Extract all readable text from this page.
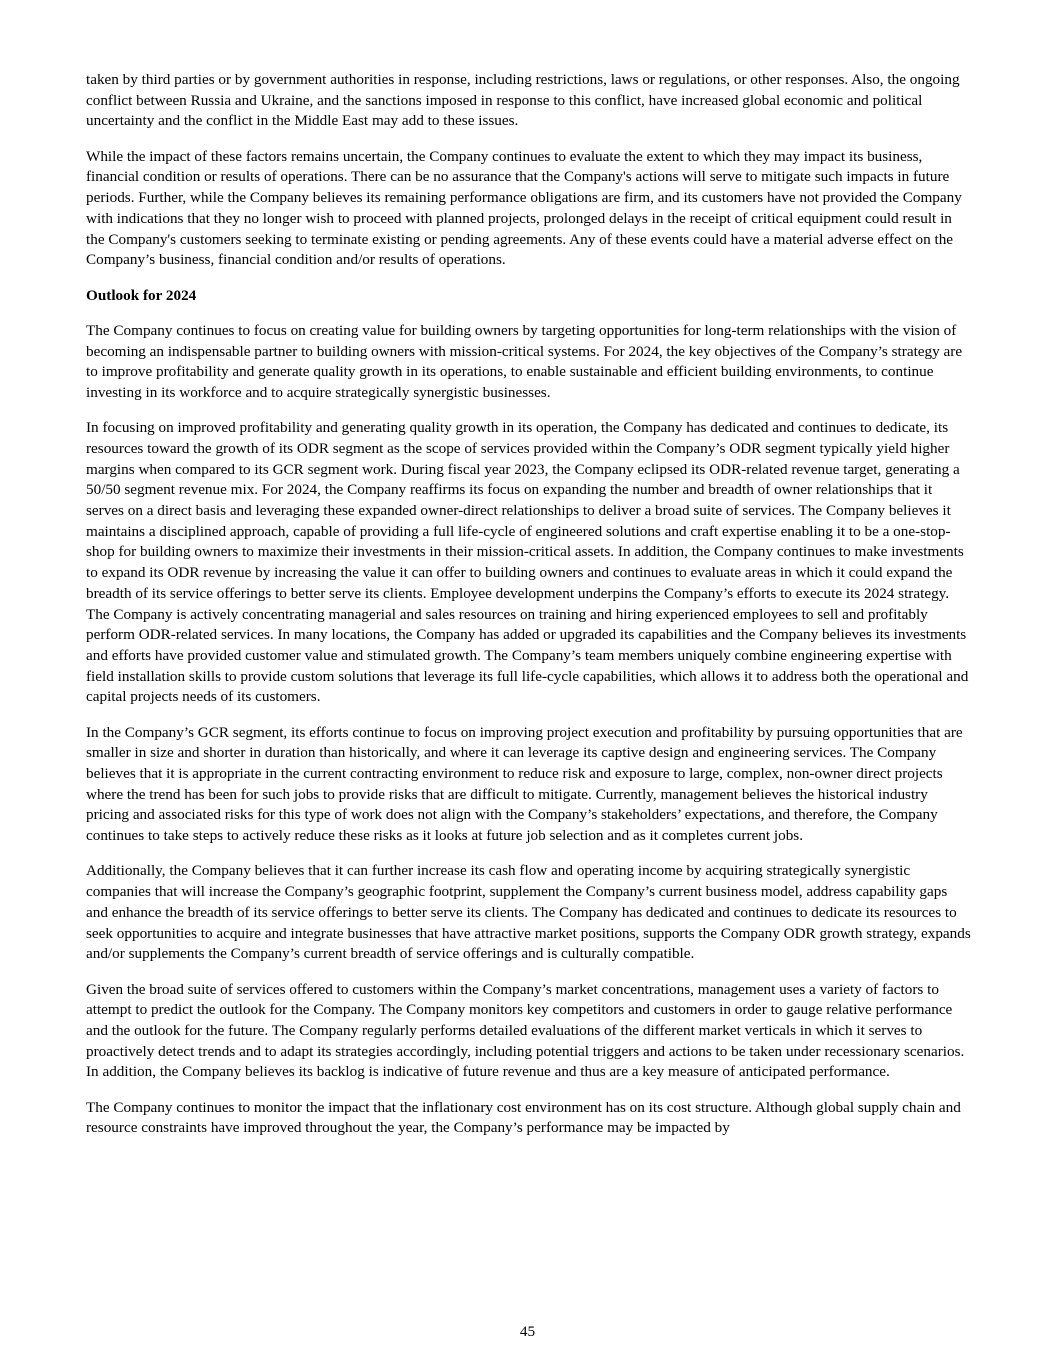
taken by third parties or by government authorities in response, including restrictions, laws or regulations, or other responses. Also, the ongoing conflict between Russia and Ukraine, and the sanctions imposed in response to this conflict, have increased global economic and political uncertainty and the conflict in the Middle East may add to these issues.

While the impact of these factors remains uncertain, the Company continues to evaluate the extent to which they may impact its business, financial condition or results of operations. There can be no assurance that the Company's actions will serve to mitigate such impacts in future periods. Further, while the Company believes its remaining performance obligations are firm, and its customers have not provided the Company with indications that they no longer wish to proceed with planned projects, prolonged delays in the receipt of critical equipment could result in the Company's customers seeking to terminate existing or pending agreements. Any of these events could have a material adverse effect on the Company’s business, financial condition and/or results of operations.

Outlook for 2024

The Company continues to focus on creating value for building owners by targeting opportunities for long-term relationships with the vision of becoming an indispensable partner to building owners with mission-critical systems. For 2024, the key objectives of the Company’s strategy are to improve profitability and generate quality growth in its operations, to enable sustainable and efficient building environments, to continue investing in its workforce and to acquire strategically synergistic businesses.

In focusing on improved profitability and generating quality growth in its operation, the Company has dedicated and continues to dedicate, its resources toward the growth of its ODR segment as the scope of services provided within the Company’s ODR segment typically yield higher margins when compared to its GCR segment work. During fiscal year 2023, the Company eclipsed its ODR-related revenue target, generating a 50/50 segment revenue mix. For 2024, the Company reaffirms its focus on expanding the number and breadth of owner relationships that it serves on a direct basis and leveraging these expanded owner-direct relationships to deliver a broad suite of services. The Company believes it maintains a disciplined approach, capable of providing a full life-cycle of engineered solutions and craft expertise enabling it to be a one-stop-shop for building owners to maximize their investments in their mission-critical assets. In addition, the Company continues to make investments to expand its ODR revenue by increasing the value it can offer to building owners and continues to evaluate areas in which it could expand the breadth of its service offerings to better serve its clients. Employee development underpins the Company’s efforts to execute its 2024 strategy. The Company is actively concentrating managerial and sales resources on training and hiring experienced employees to sell and profitably perform ODR-related services. In many locations, the Company has added or upgraded its capabilities and the Company believes its investments and efforts have provided customer value and stimulated growth. The Company’s team members uniquely combine engineering expertise with field installation skills to provide custom solutions that leverage its full life-cycle capabilities, which allows it to address both the operational and capital projects needs of its customers.

In the Company’s GCR segment, its efforts continue to focus on improving project execution and profitability by pursuing opportunities that are smaller in size and shorter in duration than historically, and where it can leverage its captive design and engineering services. The Company believes that it is appropriate in the current contracting environment to reduce risk and exposure to large, complex, non-owner direct projects where the trend has been for such jobs to provide risks that are difficult to mitigate. Currently, management believes the historical industry pricing and associated risks for this type of work does not align with the Company’s stakeholders’ expectations, and therefore, the Company continues to take steps to actively reduce these risks as it looks at future job selection and as it completes current jobs.

Additionally, the Company believes that it can further increase its cash flow and operating income by acquiring strategically synergistic companies that will increase the Company’s geographic footprint, supplement the Company’s current business model, address capability gaps and enhance the breadth of its service offerings to better serve its clients. The Company has dedicated and continues to dedicate its resources to seek opportunities to acquire and integrate businesses that have attractive market positions, supports the Company ODR growth strategy, expands and/or supplements the Company’s current breadth of service offerings and is culturally compatible.

Given the broad suite of services offered to customers within the Company’s market concentrations, management uses a variety of factors to attempt to predict the outlook for the Company. The Company monitors key competitors and customers in order to gauge relative performance and the outlook for the future. The Company regularly performs detailed evaluations of the different market verticals in which it serves to proactively detect trends and to adapt its strategies accordingly, including potential triggers and actions to be taken under recessionary scenarios. In addition, the Company believes its backlog is indicative of future revenue and thus are a key measure of anticipated performance.

The Company continues to monitor the impact that the inflationary cost environment has on its cost structure. Although global supply chain and resource constraints have improved throughout the year, the Company’s performance may be impacted by

45
